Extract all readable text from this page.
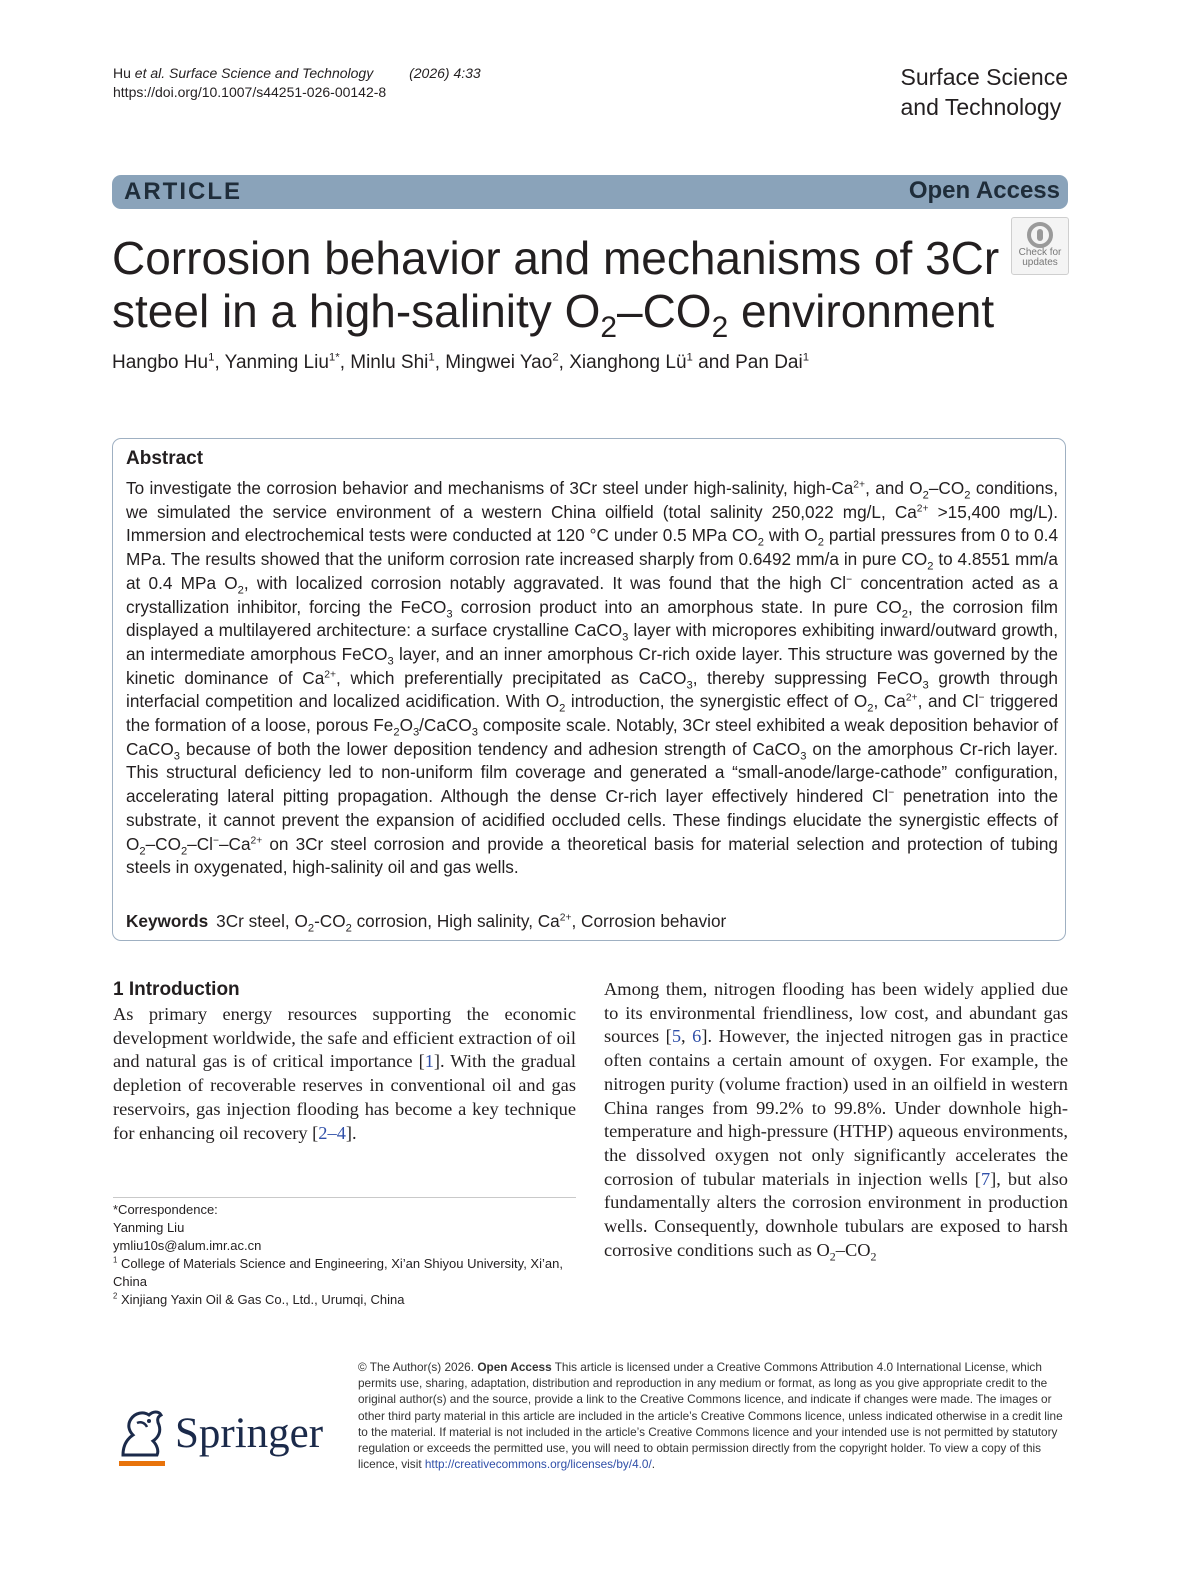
Hu et al. Surface Science and Technology	(2026) 4:33
https://doi.org/10.1007/s44251-026-00142-8
Surface Science
and Technology
ARTICLE	Open Access
Check for
updates
Corrosion behavior and mechanisms of 3Cr
steel in a high-salinity $O_2-CO_2$ environment
Hangbo Hu$^1$, Yanming Liu$^{1*}$, Minlu Shi$^1$, Mingwei Yao$^2$, Xianghong $Lü^1$ and Pan Dai$^1$
Abstract
To investigate the corrosion behavior and mechanisms of 3Cr steel under high-salinity, high-$Ca^{2+}$, and $O_2-CO_2$ conditions, we simulated the service environment of a western China oilfield (total salinity 250,022 mg/L, $Ca^{2+} >15,400$ mg/L). Immersion and electrochemical tests were conducted at 120 °C under 0.5 MPa $CO_2$ with $O_2$ partial pressures from 0 to 0.4 MPa. The results showed that the uniform corrosion rate increased sharply from 0.6492 mm/a in pure $CO_2$ to 4.8551 mm/a at 0.4 MPa $O_2$, with localized corrosion notably aggravated. It was found that the high Cl− concentration acted as a crystallization inhibitor, forcing the FeCO$_3$ corrosion product into an amorphous state. In pure $CO_2$, the corrosion film displayed a multilayered architecture: a surface crystalline CaCO$_3$ layer with micropores exhibiting inward/outward growth, an intermediate amorphous FeCO$_3$ layer, and an inner amorphous Cr-rich oxide layer. This structure was governed by the kinetic dominance of $Ca^{2+}$, which preferentially precipitated as CaCO$_3$, thereby suppressing FeCO$_3$ growth through interfacial competition and localized acidification. With $O_2$ introduction, the synergistic effect of $O_2$, $Ca^{2+}$, and Cl− triggered the formation of a loose, porous $Fe_2O_3/CaCO_3$ composite scale. Notably, 3Cr steel exhibited a weak deposition behavior of CaCO$_3$ because of both the lower deposition tendency and adhesion strength of CaCO$_3$ on the amorphous Cr-rich layer. This structural deficiency led to non-uniform film coverage and generated a “small-anode/large-cathode” configuration, accelerating lateral pitting propagation. Although the dense Cr-rich layer effectively hindered Cl− penetration into the substrate, it cannot prevent the expansion of acidified occluded cells. These findings elucidate the synergistic effects of $O_2-CO_2-Cl^--Ca^{2+}$ on 3Cr steel corrosion and provide a theoretical basis for material selection and protection of tubing steels in oxygenated, high-salinity oil and gas wells.
Keywords 3Cr steel, $O_2-CO_2$ corrosion, High salinity, $Ca^{2+}$, Corrosion behavior
1 Introduction
As primary energy resources supporting the economic development worldwide, the safe and efficient extraction of oil and natural gas is of critical importance [1]. With the gradual depletion of recoverable reserves in conventional oil and gas reservoirs, gas injection flooding has become a key technique for enhancing oil recovery [2–4].
Among them, nitrogen flooding has been widely applied due to its environmental friendliness, low cost, and abundant gas sources [5, 6]. However, the injected nitrogen gas in practice often contains a certain amount of oxygen. For example, the nitrogen purity (volume fraction) used in an oilfield in western China ranges from 99.2% to 99.8%. Under downhole high-temperature and high-pressure (HTHP) aqueous environments, the dissolved oxygen not only significantly accelerates the corrosion of tubular materials in injection wells [7], but also fundamentally alters the corrosion environment in production wells. Consequently, downhole tubulars are exposed to harsh corrosive conditions such as $O_2-CO_2$
*Correspondence:
Yanming Liu
ymliu10s@alum.imr.ac.cn
$^1$ College of Materials Science and Engineering, Xi’an Shiyou University, Xi’an, China
$^2$ Xinjiang Yaxin Oil & Gas Co., Ltd., Urumqi, China
Springer
© The Author(s) 2026. Open Access This article is licensed under a Creative Commons Attribution 4.0 International License, which permits use, sharing, adaptation, distribution and reproduction in any medium or format, as long as you give appropriate credit to the original author(s) and the source, provide a link to the Creative Commons licence, and indicate if changes were made. The images or other third party material in this article are included in the article’s Creative Commons licence, unless indicated otherwise in a credit line to the material. If material is not included in the article’s Creative Commons licence and your intended use is not permitted by statutory regulation or exceeds the permitted use, you will need to obtain permission directly from the copyright holder. To view a copy of this licence, visit http://creativecommons.org/licenses/by/4.0/.
